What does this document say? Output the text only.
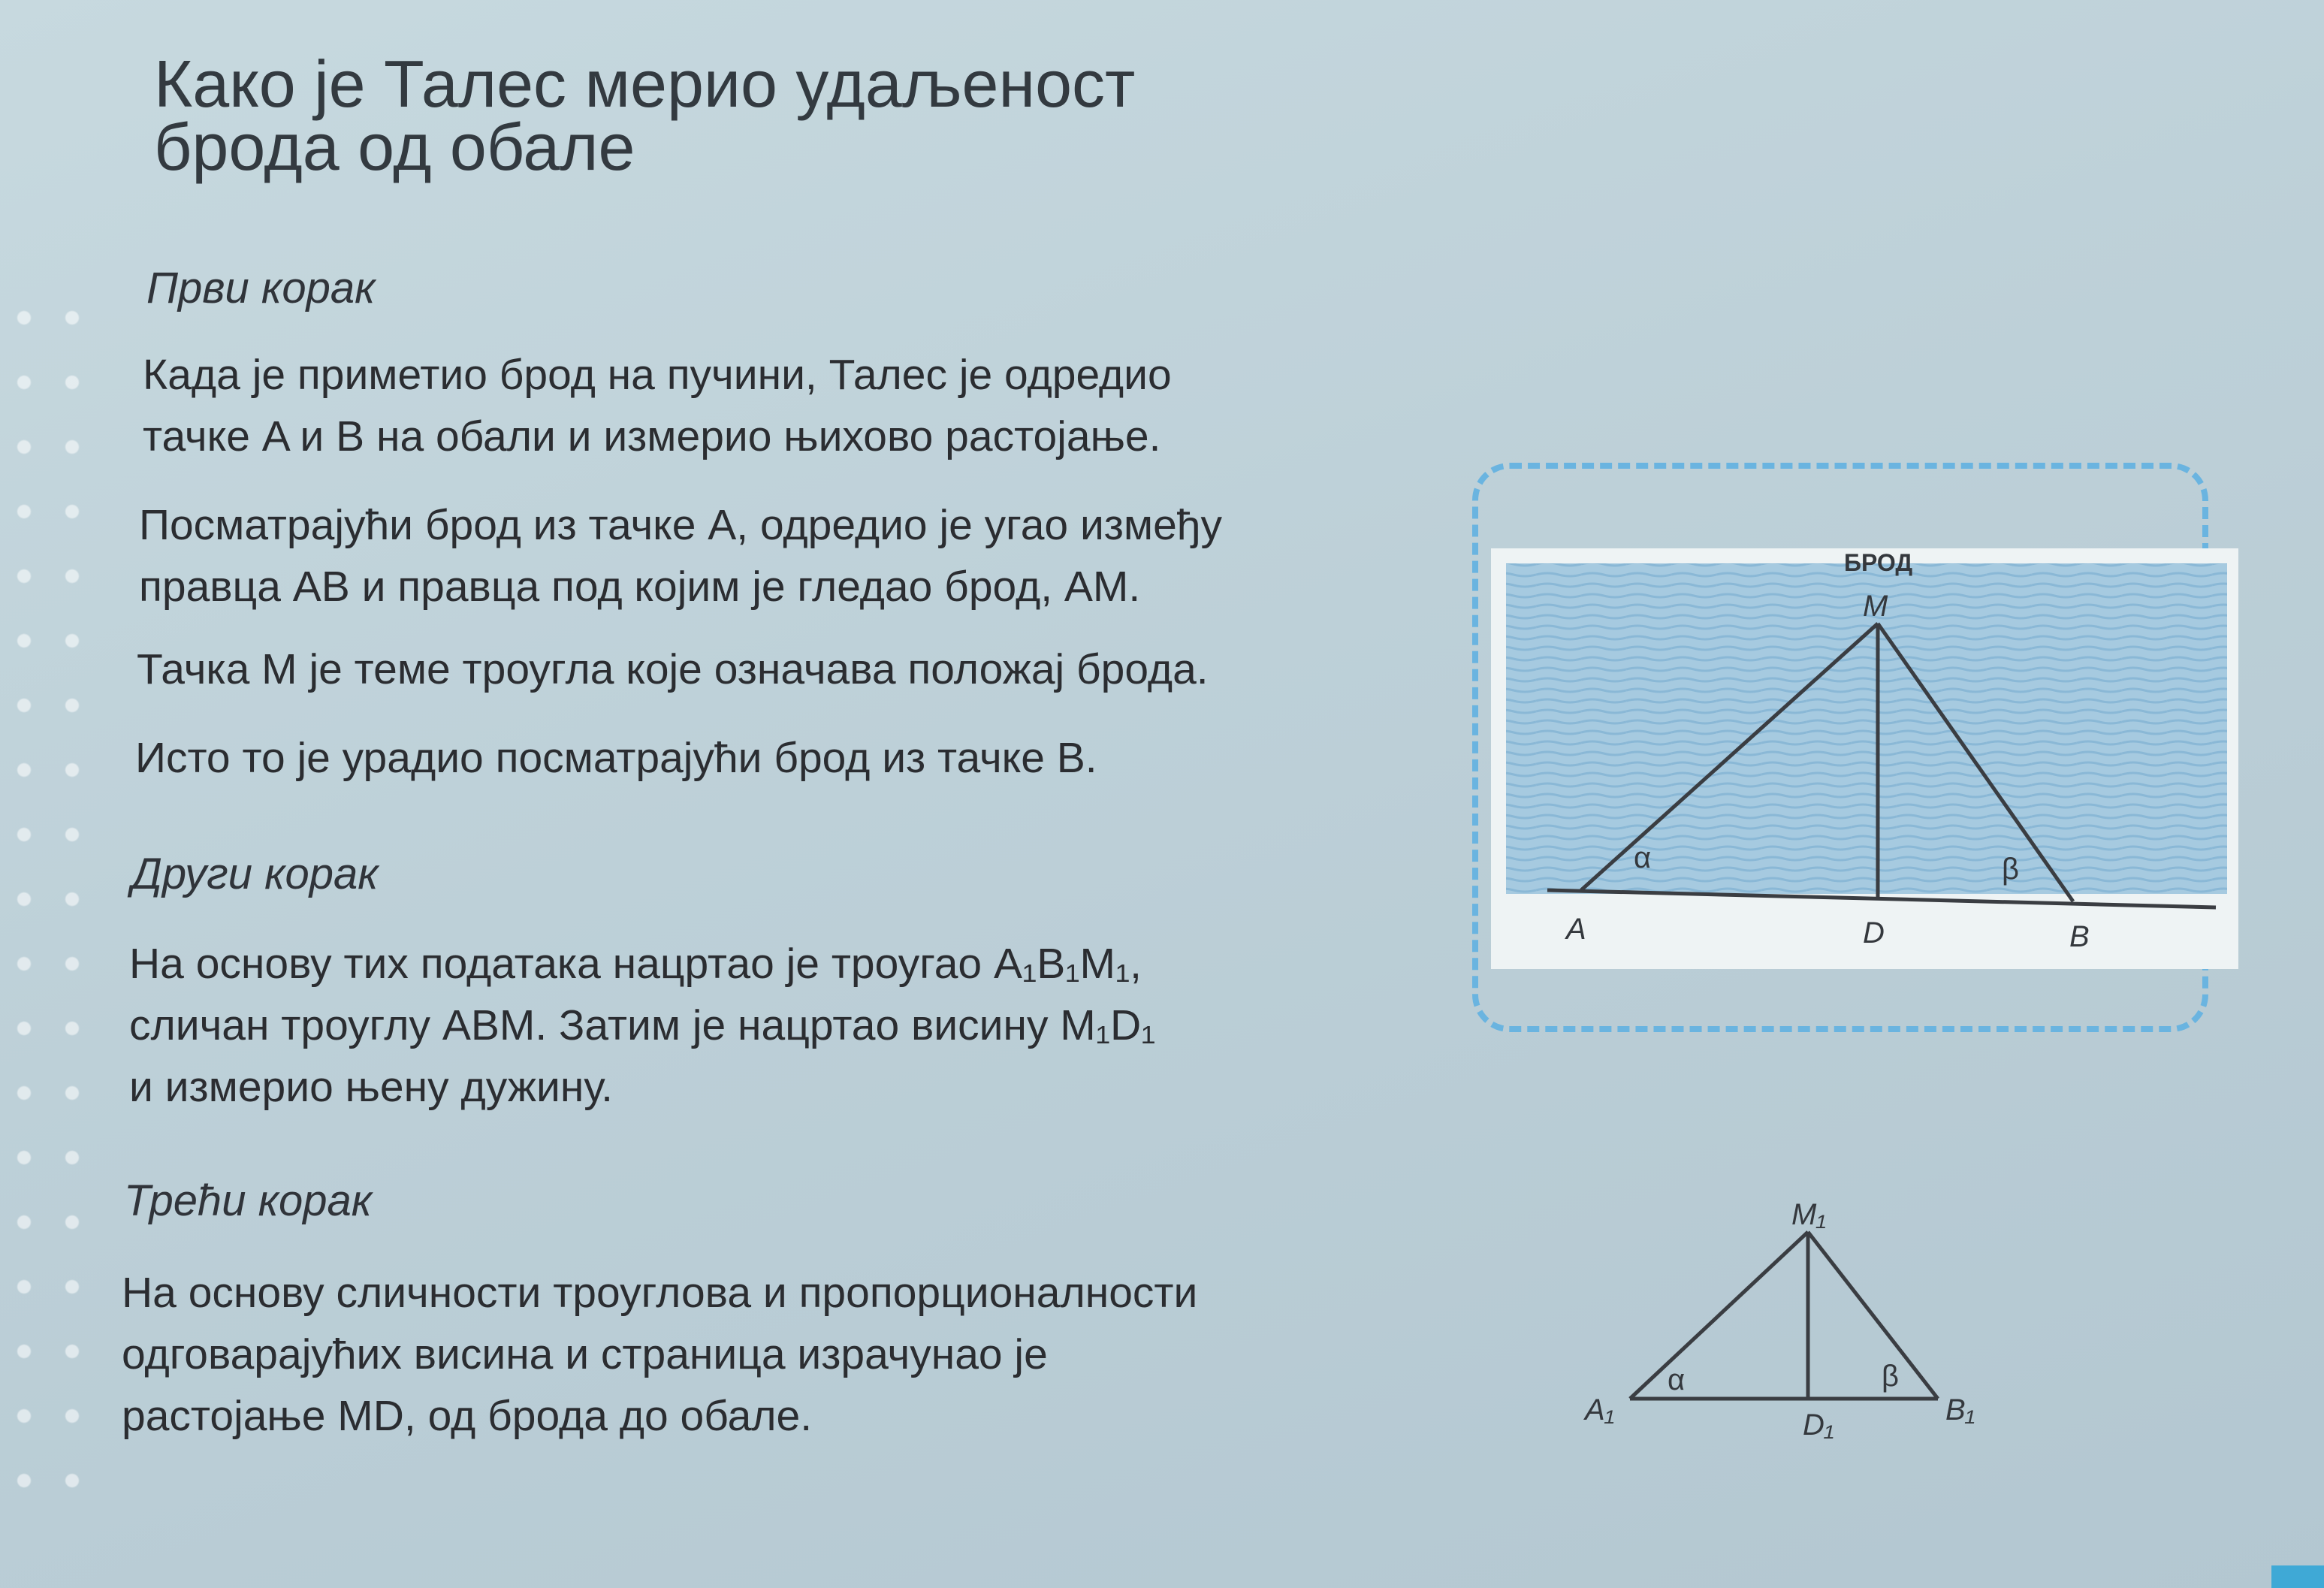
Како је Талес мерио удаљеност
брода од обале
Први корак

Када је приметио брод на пучини, Талес је одредио
тачке A и B на обали и измерио њихово растојање.

Посматрајући брод из тачке А, одредио је угао између
правца AB и правца под којим је гледао брод, AM.

Тачка M је теме троугла које означава положај брода.

Исто то је урадио посматрајући брод из тачке B.

Други корак

На основу тих података нацртао је троугао A₁B₁M₁,
сличан троуглу ABM. Затим је нацртао висину M₁D₁
и измерио њену дужину.

Трећи корак

На основу сличности троуглова и пропорционалности
одговарајућих висина и страница израчунао је
растојање MD, од брода до обале.

БРОД
M
A	D	B
α	β
M₁
A₁	D₁	B₁
α	β
